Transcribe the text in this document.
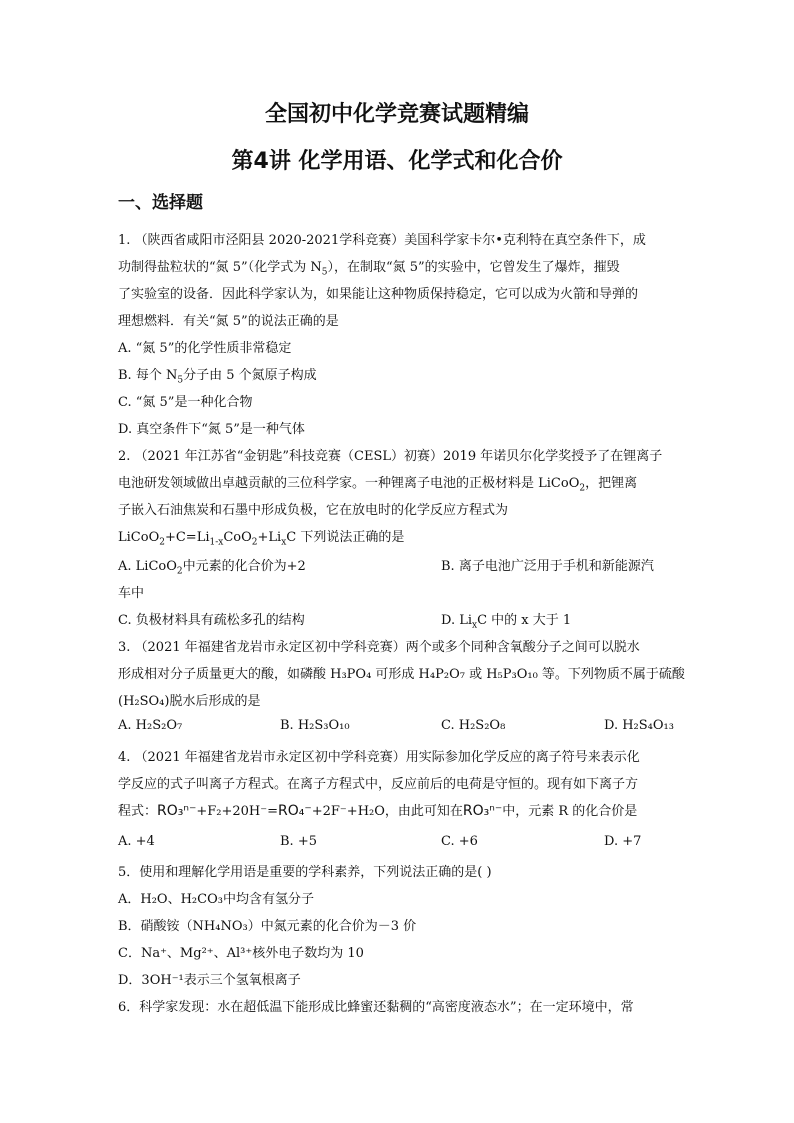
全国初中化学竞赛试题精编
第4讲 化学用语、化学式和化合价
一、选择题
1. （陕西省咸阳市泾阳县 2020-2021学科竞赛）美国科学家卡尔•克利特在真空条件下，成
功制得盐粒状的“氮 5”（化学式为 $N_5$），在制取“氮 5”的实验中，它曾发生了爆炸，摧毁
了实验室的设备．因此科学家认为，如果能让这种物质保持稳定，它可以成为火箭和导弹的
理想燃料．有关“氮 5”的说法正确的是
A. “氮 5”的化学性质非常稳定
B. 每个 $N_5$分子由 5 个氮原子构成
C. “氮 5”是一种化合物
D. 真空条件下“氮 5”是一种气体
2. （2021 年江苏省“金钥匙”科技竞赛（CESL）初赛）2019 年诺贝尔化学奖授予了在锂离子
电池研发领域做出卓越贡献的三位科学家。一种锂离子电池的正极材料是 LiCoO$_2$，把锂离
子嵌入石油焦炭和石墨中形成负极，它在放电时的化学反应方程式为
$LiCoO_2+C=Li_{1-x}CoO_2+Li_xC$ 下列说法正确的是
A. LiCoO$_2$中元素的化合价为+2	B. 离子电池广泛用于手机和新能源汽
车中
C. 负极材料具有疏松多孔的结构	D. $Li_xC$ 中的 x 大于 1
3. （2021 年福建省龙岩市永定区初中学科竞赛）两个或多个同种含氧酸分子之间可以脱水
形成相对分子质量更大的酸，如磷酸 H₃PO₄ 可形成 H₄P₂O₇ 或 H₅P₃O₁₀ 等。下列物质不属于硫酸
(H₂SO₄)脱水后形成的是
A. H₂S₂O₇	B. H₂S₃O₁₀	C. H₂S₂O₈	D. H₂S₄O₁₃
4. （2021 年福建省龙岩市永定区初中学科竞赛）用实际参加化学反应的离子符号来表示化
学反应的式子叫离子方程式。在离子方程式中，反应前后的电荷是守恒的。现有如下离子方
程式：RO₃ⁿ⁻+F₂+20H⁻=RO₄⁻+2F⁻+H₂O，由此可知在RO₃ⁿ⁻中，元素 R 的化合价是
A. +4	B. +5	C. +6	D. +7
5．使用和理解化学用语是重要的学科素养，下列说法正确的是( )
A．H₂O、H₂CO₃中均含有氢分子
B．硝酸铵（NH₄NO₃）中氮元素的化合价为－3 价
C．Na⁺、Mg²⁺、Al³⁺核外电子数均为 10
D．3OH⁻¹表示三个氢氧根离子
6．科学家发现：水在超低温下能形成比蜂蜜还黏稠的“高密度液态水”；在一定环境中，常
